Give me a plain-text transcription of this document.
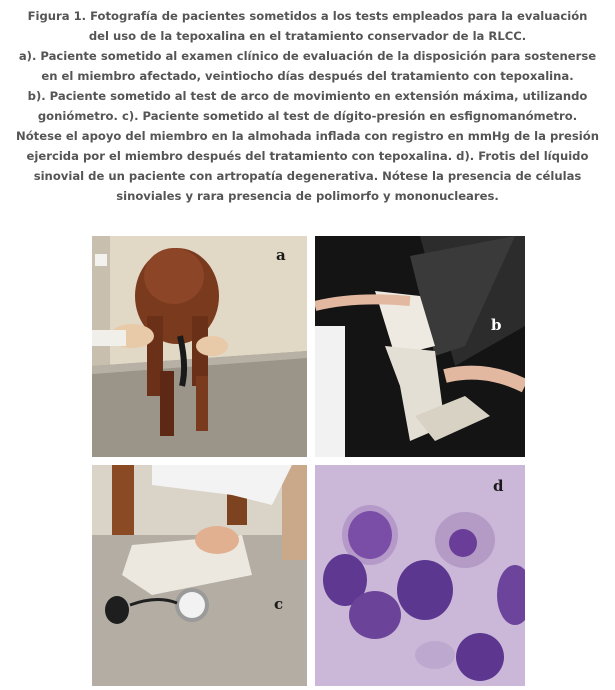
Figura 1. Fotografía de pacientes sometidos a los tests empleados para la evaluación
del uso de la tepoxalina en el tratamiento conservador de la RLCC.
a). Paciente sometido al examen clínico de evaluación de la disposición para sostenerse
en el miembro afectado, veintiocho días después del tratamiento con tepoxalina.
b). Paciente sometido al test de arco de movimiento en extensión máxima, utilizando
goniómetro. c). Paciente sometido al test de dígito-presión en esfignomanómetro.
Nótese el apoyo del miembro en la almohada inflada con registro en mmHg de la presión
ejercida por el miembro después del tratamiento con tepoxalina. d). Frotis del líquido
sinovial de un paciente con artropatía degenerativa. Nótese la presencia de células
sinoviales y rara presencia de polimorfo y mononucleares.
a
b
c
d
